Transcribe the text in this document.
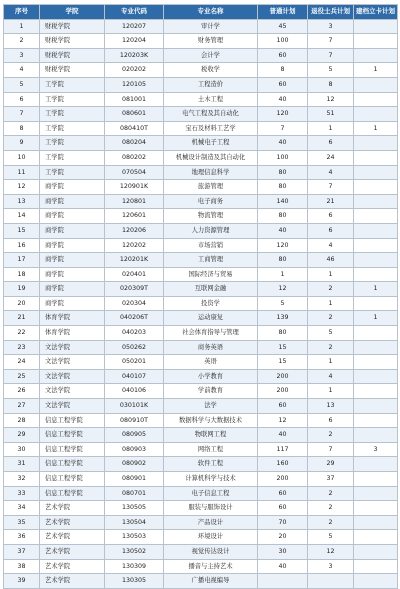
序号	学院	专业代码	专业名称	普通计划	退役士兵计划	建档立卡计划
1	财税学院	120207	审计学	45	3	
2	财税学院	120204	财务管理	100	7	
3	财税学院	120203K	会计学	60	7	
4	财税学院	020202	税收学	8	5	1
5	工学院	120105	工程造价	60	8	
6	工学院	081001	土木工程	40	12	
7	工学院	080601	电气工程及其自动化	120	51	
8	工学院	080410T	宝石及材料工艺学	7	1	1
9	工学院	080204	机械电子工程	40	6	
10	工学院	080202	机械设计制造及其自动化	100	24	
11	工学院	070504	地理信息科学	80	4	
12	商学院	120901K	旅游管理	80	7	
13	商学院	120801	电子商务	140	21	
14	商学院	120601	物流管理	80	6	
15	商学院	120206	人力资源管理	40	6	
16	商学院	120202	市场营销	120	4	
17	商学院	120201K	工商管理	80	46	
18	商学院	020401	国际经济与贸易	1	1	
19	商学院	020309T	互联网金融	12	2	1
20	商学院	020304	投资学	5	1	
21	体育学院	040206T	运动康复	139	2	1
22	体育学院	040203	社会体育指导与管理	80	5	
23	文法学院	050262	商务英语	15	2	
24	文法学院	050201	英语	15	1	
25	文法学院	040107	小学教育	200	4	
26	文法学院	040106	学前教育	200	1	
27	文法学院	030101K	法学	60	13	
28	信息工程学院	080910T	数据科学与大数据技术	12	6	
29	信息工程学院	080905	物联网工程	40	2	
30	信息工程学院	080903	网络工程	117	7	3
31	信息工程学院	080902	软件工程	160	29	
32	信息工程学院	080901	计算机科学与技术	200	37	
33	信息工程学院	080701	电子信息工程	60	2	
34	艺术学院	130505	服装与服饰设计	60	2	
35	艺术学院	130504	产品设计	70	2	
36	艺术学院	130503	环境设计	20	5	
37	艺术学院	130502	视觉传达设计	30	12	
38	艺术学院	130309	播音与主持艺术	40	3	
39	艺术学院	130305	广播电视编导			
